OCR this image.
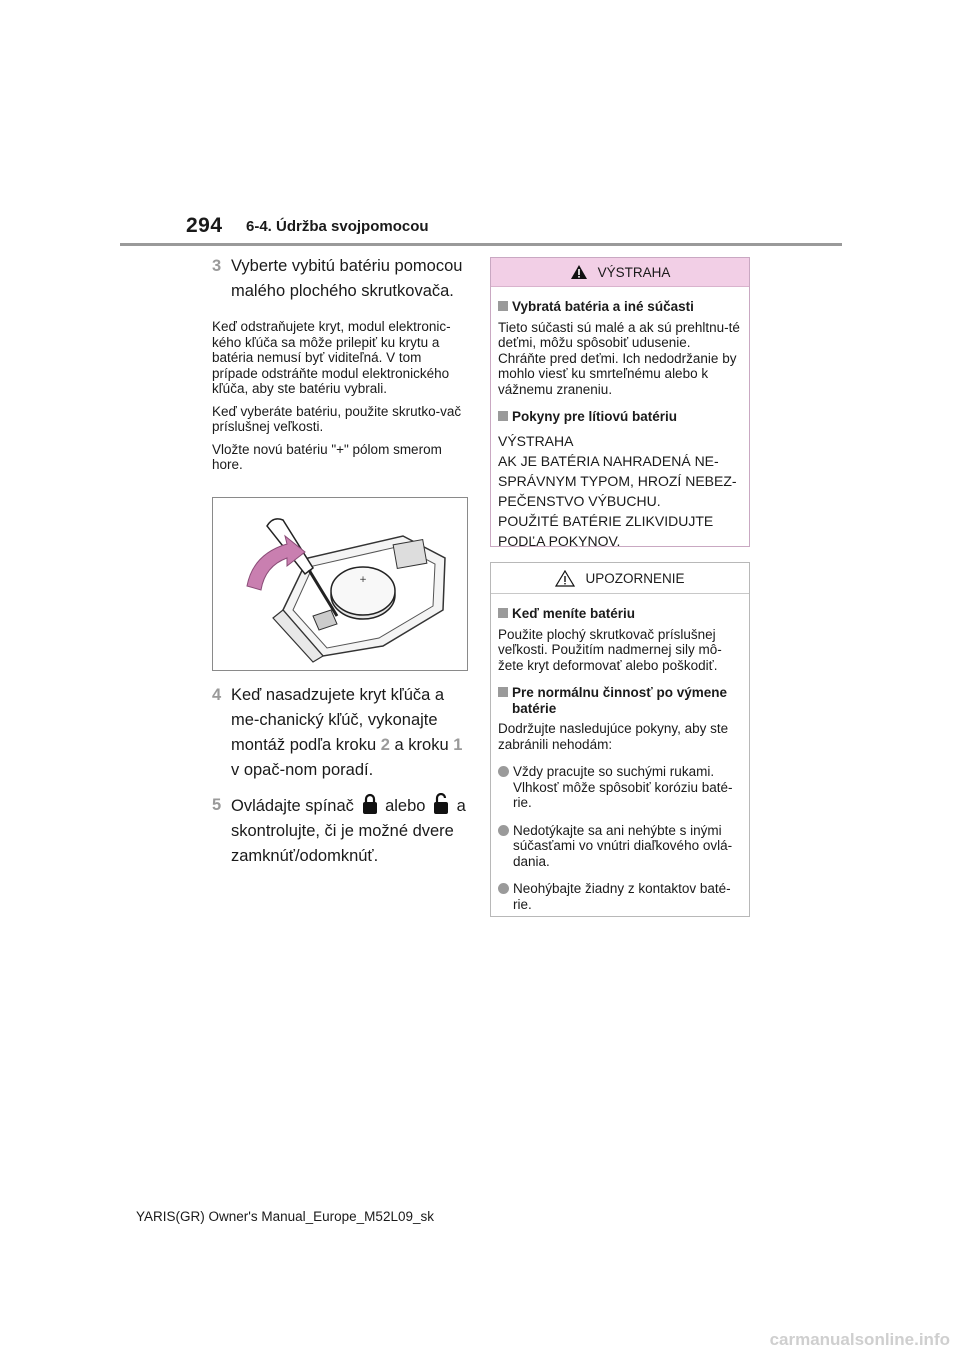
294 6-4. Údržba svojpomocou
3 Vyberte vybitú batériu pomocou malého plochého skrutkovača.

Keď odstraňujete kryt, modul elektronic-kého kľúča sa môže prilepiť ku krytu a batéria nemusí byť viditeľná. V tom prípade odstráňte modul elektronického kľúča, aby ste batériu vybrali.

Keď vyberáte batériu, použite skrutko-vač príslušnej veľkosti.

Vložte novú batériu "+" pólom smerom hore.

+
4 Keď nasadzujete kryt kľúča a me-chanický kľúč, vykonajte montáž podľa kroku 2 a kroku 1 v opač-nom poradí.
5 Ovládajte spínač  alebo  a skontrolujte, či je možné dvere zamknúť/odomknúť.
VÝSTRAHA
Vybratá batéria a iné súčasti
Tieto súčasti sú malé a ak sú prehltnu-té deťmi, môžu spôsobiť udusenie. Chráňte pred deťmi. Ich nedodržanie by mohlo viesť ku smrteľnému alebo k vážnemu zraneniu.
Pokyny pre lítiovú batériu
VÝSTRAHA
AK JE BATÉRIA NAHRADENÁ NE-
SPRÁVNYM TYPOM, HROZÍ NEBEZ-
PEČENSTVO VÝBUCHU.
POUŽITÉ BATÉRIE ZLIKVIDUJTE
PODĽA POKYNOV.
UPOZORNENIE
Keď meníte batériu
Použite plochý skrutkovač príslušnej veľkosti. Použitím nadmernej sily mô-žete kryt deformovať alebo poškodiť.
Pre normálnu činnosť po výmene batérie
Dodržujte nasledujúce pokyny, aby ste zabránili nehodám:
Vždy pracujte so suchými rukami. Vlhkosť môže spôsobiť koróziu baté-rie.
Nedotýkajte sa ani nehýbte s inými súčasťami vo vnútri diaľkového ovlá-dania.
Neohýbajte žiadny z kontaktov baté-rie.
YARIS(GR) Owner's Manual_Europe_M52L09_sk
carmanualsonline.info
